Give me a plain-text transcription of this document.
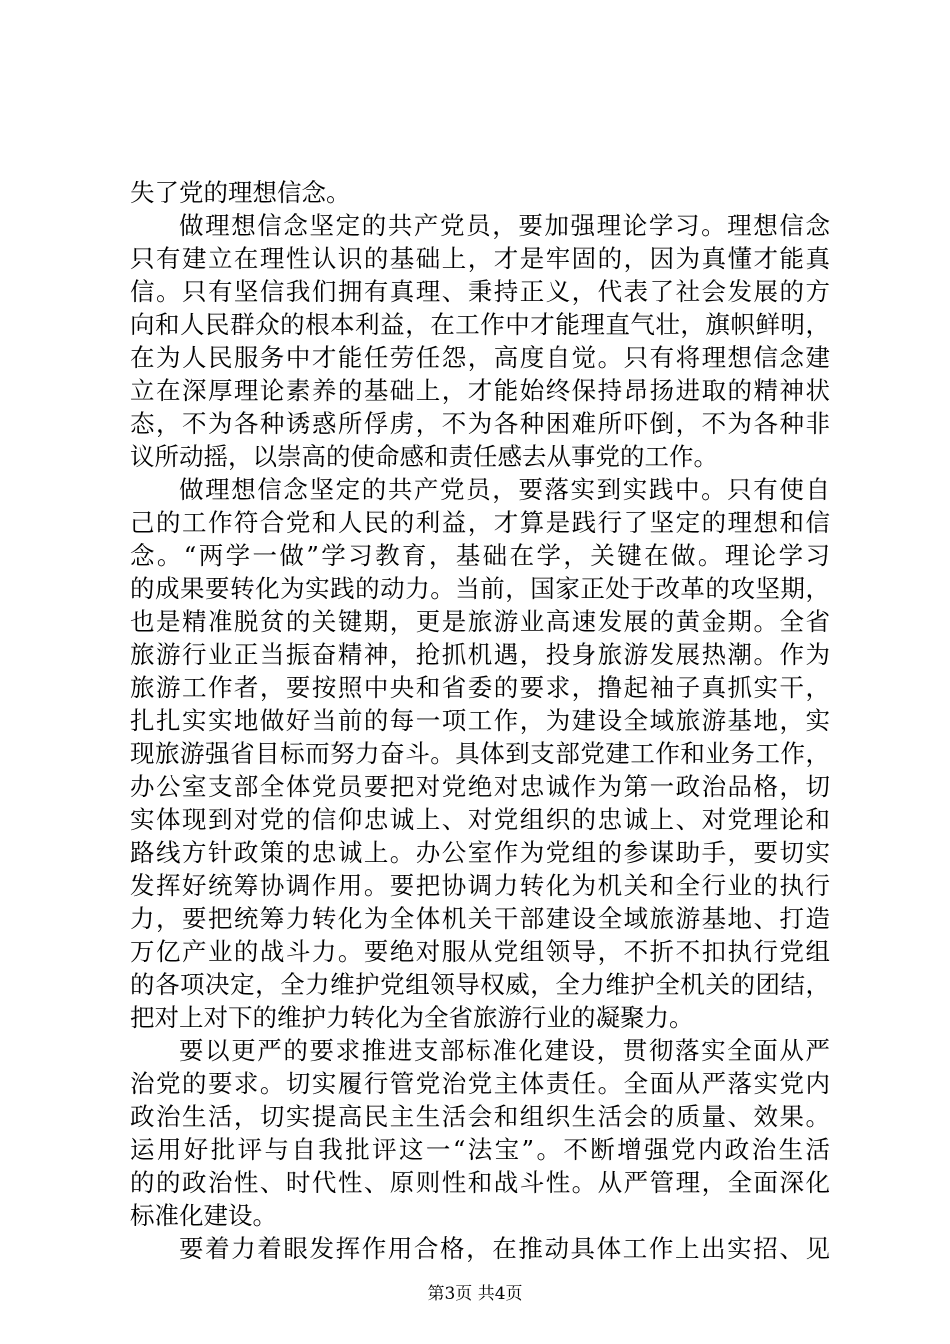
失了党的理想信念。
做理想信念坚定的共产党员，要加强理论学习。理想信念
只有建立在理性认识的基础上，才是牢固的，因为真懂才能真
信。只有坚信我们拥有真理、秉持正义，代表了社会发展的方
向和人民群众的根本利益，在工作中才能理直气壮，旗帜鲜明，
在为人民服务中才能任劳任怨，高度自觉。只有将理想信念建
立在深厚理论素养的基础上，才能始终保持昂扬进取的精神状
态，不为各种诱惑所俘虏，不为各种困难所吓倒，不为各种非
议所动摇，以崇高的使命感和责任感去从事党的工作。
做理想信念坚定的共产党员，要落实到实践中。只有使自
己的工作符合党和人民的利益，才算是践行了坚定的理想和信
念。“两学一做”学习教育，基础在学，关键在做。理论学习
的成果要转化为实践的动力。当前，国家正处于改革的攻坚期，
也是精准脱贫的关键期，更是旅游业高速发展的黄金期。全省
旅游行业正当振奋精神，抢抓机遇，投身旅游发展热潮。作为
旅游工作者，要按照中央和省委的要求，撸起袖子真抓实干，
扎扎实实地做好当前的每一项工作，为建设全域旅游基地，实
现旅游强省目标而努力奋斗。具体到支部党建工作和业务工作，
办公室支部全体党员要把对党绝对忠诚作为第一政治品格，切
实体现到对党的信仰忠诚上、对党组织的忠诚上、对党理论和
路线方针政策的忠诚上。办公室作为党组的参谋助手，要切实
发挥好统筹协调作用。要把协调力转化为机关和全行业的执行
力，要把统筹力转化为全体机关干部建设全域旅游基地、打造
万亿产业的战斗力。要绝对服从党组领导，不折不扣执行党组
的各项决定，全力维护党组领导权威，全力维护全机关的团结，
把对上对下的维护力转化为全省旅游行业的凝聚力。
要以更严的要求推进支部标准化建设，贯彻落实全面从严
治党的要求。切实履行管党治党主体责任。全面从严落实党内
政治生活，切实提高民主生活会和组织生活会的质量、效果。
运用好批评与自我批评这一“法宝”。不断增强党内政治生活
的的政治性、时代性、原则性和战斗性。从严管理，全面深化
标准化建设。
要着力着眼发挥作用合格，在推动具体工作上出实招、见
第3页 共4页
